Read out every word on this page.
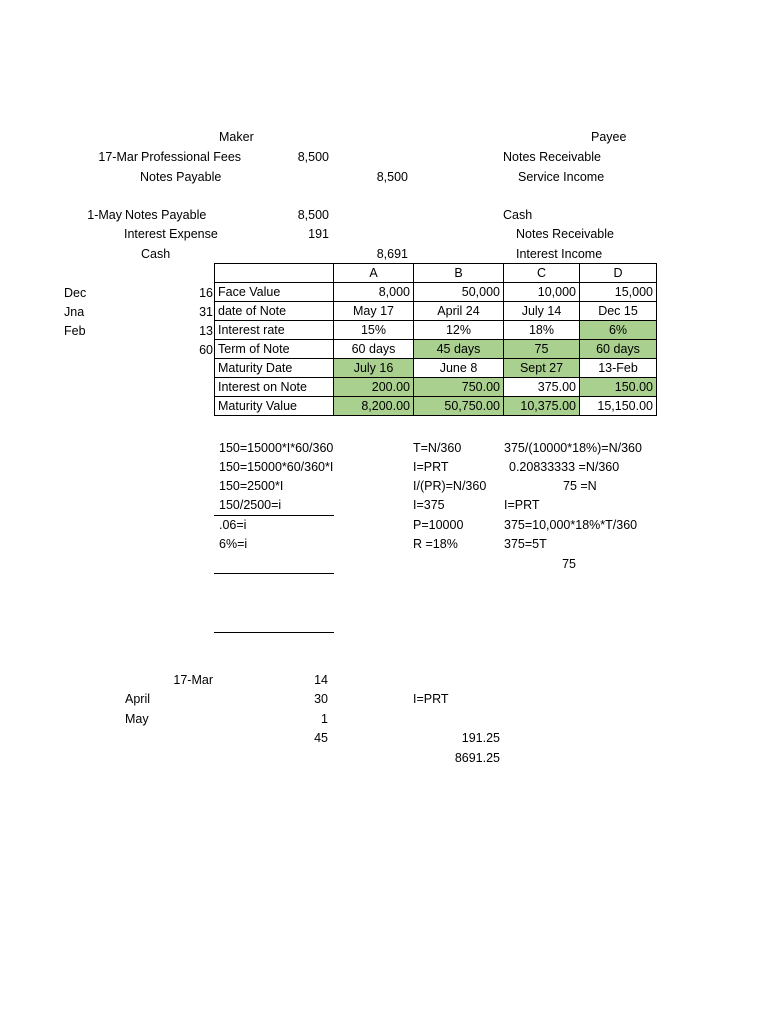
Maker	Payee
17-Mar Professional Fees	8,500
Notes Payable	8,500
1-May Notes Payable	8,500
Interest Expense	191
Cash	8,691
Notes Receivable
Service Income
Cash
Notes Receivable
Interest Income
Dec	16
Jna	31
Feb	13
60
	A	B	C	D
Face Value	8,000	50,000	10,000	15,000
date of Note	May 17	April 24	July 14	Dec 15
Interest rate	15%	12%	18%	6%
Term of Note	60 days	45 days	75	60 days
Maturity Date	July 16	June 8	Sept 27	13-Feb
Interest on Note	200.00	750.00	375.00	150.00
Maturity Value	8,200.00	50,750.00	10,375.00	15,150.00
150=15000*I*60/360
150=15000*60/360*I
150=2500*I
150/2500=i
.06=i
6%=i
T=N/360
I=PRT
I/(PR)=N/360
I=375
P=10000
R =18%
375/(10000*18%)=N/360
0.20833333 =N/360
75 =N
I=PRT
375=10,000*18%*T/360
375=5T
75
17-Mar	14
April	30
May	1
45
I=PRT
191.25
8691.25
